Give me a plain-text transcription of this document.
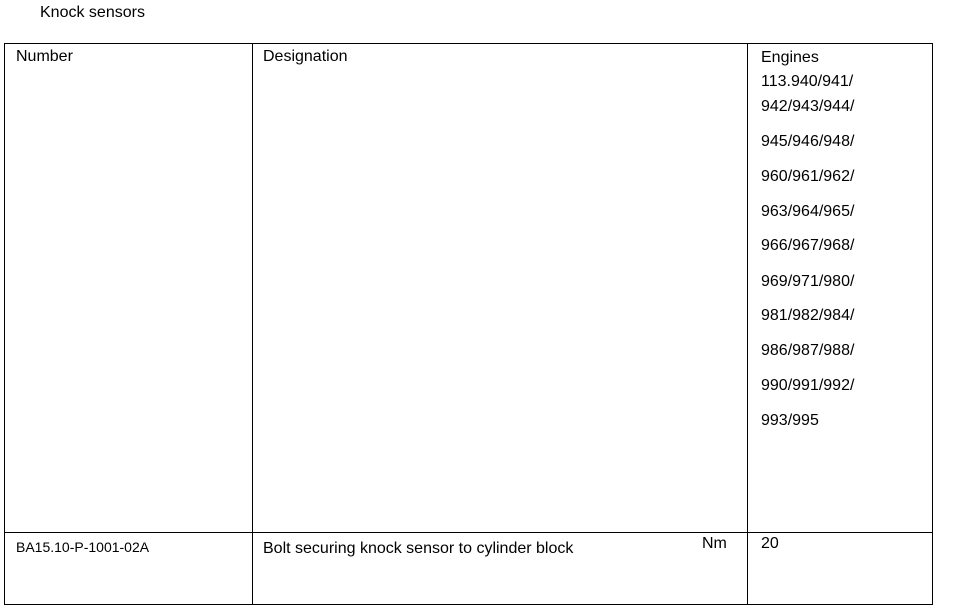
Knock sensors
Number	Designation	Engines
113.940/941/
942/943/944/
945/946/948/
960/961/962/
963/964/965/
966/967/968/
969/971/980/
981/982/984/
986/987/988/
990/991/992/
993/995
BA15.10-P-1001-02A	Bolt securing knock sensor to cylinder block	Nm 20
